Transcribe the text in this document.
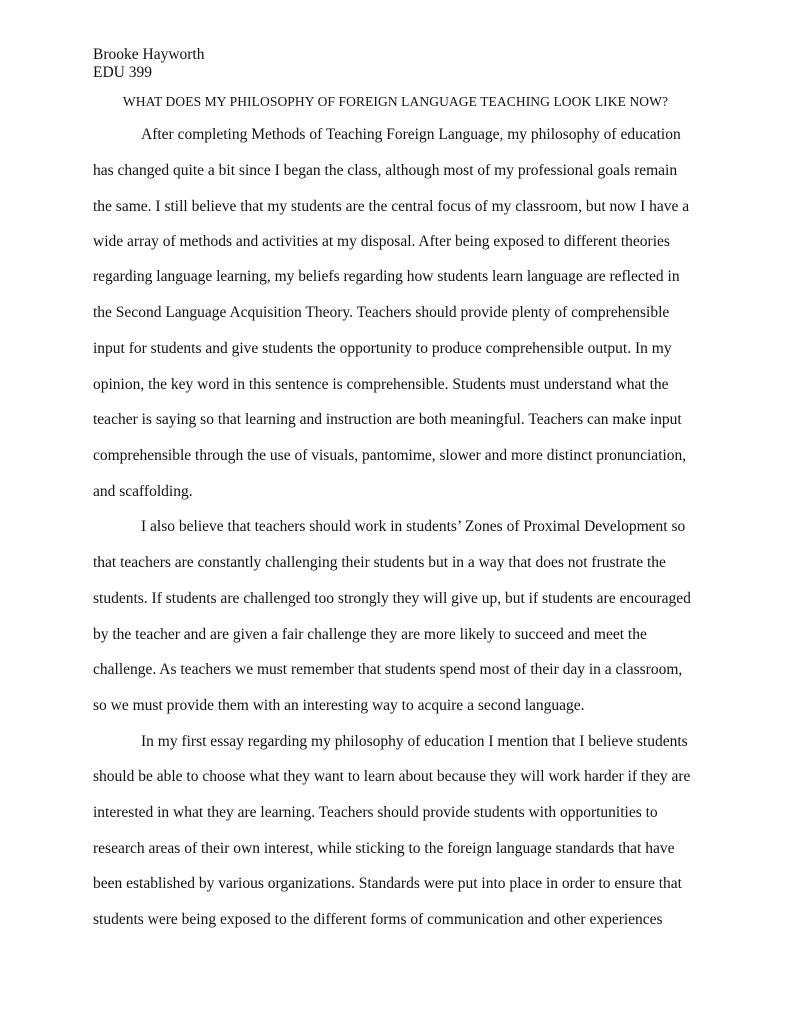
Brooke Hayworth
EDU 399
WHAT DOES MY PHILOSOPHY OF FOREIGN LANGUAGE TEACHING LOOK LIKE NOW?
After completing Methods of Teaching Foreign Language, my philosophy of education
has changed quite a bit since I began the class, although most of my professional goals remain
the same. I still believe that my students are the central focus of my classroom, but now I have a
wide array of methods and activities at my disposal. After being exposed to different theories
regarding language learning, my beliefs regarding how students learn language are reflected in
the Second Language Acquisition Theory. Teachers should provide plenty of comprehensible
input for students and give students the opportunity to produce comprehensible output. In my
opinion, the key word in this sentence is comprehensible. Students must understand what the
teacher is saying so that learning and instruction are both meaningful. Teachers can make input
comprehensible through the use of visuals, pantomime, slower and more distinct pronunciation,
and scaffolding.
I also believe that teachers should work in students’ Zones of Proximal Development so
that teachers are constantly challenging their students but in a way that does not frustrate the
students. If students are challenged too strongly they will give up, but if students are encouraged
by the teacher and are given a fair challenge they are more likely to succeed and meet the
challenge. As teachers we must remember that students spend most of their day in a classroom,
so we must provide them with an interesting way to acquire a second language.
In my first essay regarding my philosophy of education I mention that I believe students
should be able to choose what they want to learn about because they will work harder if they are
interested in what they are learning. Teachers should provide students with opportunities to
research areas of their own interest, while sticking to the foreign language standards that have
been established by various organizations. Standards were put into place in order to ensure that
students were being exposed to the different forms of communication and other experiences
